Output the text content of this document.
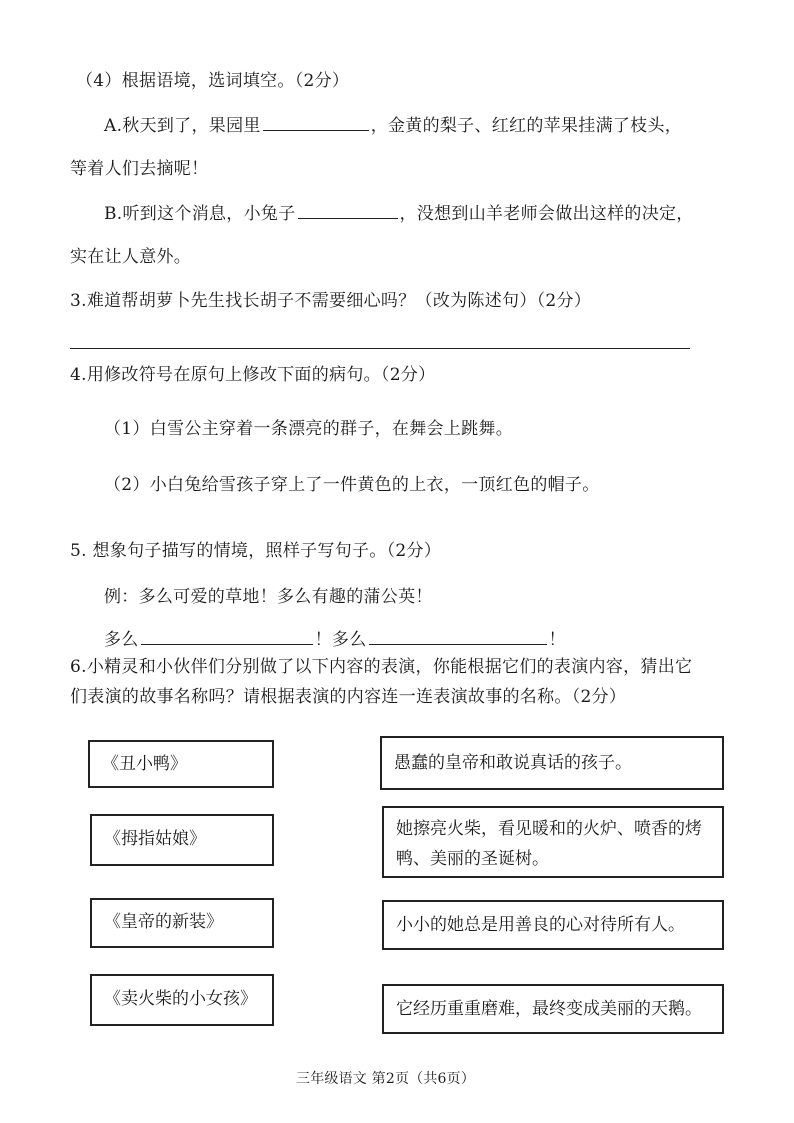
（4）根据语境，选词填空。（2分）
A.秋天到了，果园里	，金黄的梨子、红红的苹果挂满了枝头，
等着人们去摘呢！
B.听到这个消息，小兔子	，没想到山羊老师会做出这样的决定，
实在让人意外。
3.难道帮胡萝卜先生找长胡子不需要细心吗？（改为陈述句）（2分）
4.用修改符号在原句上修改下面的病句。（2分）
（1）白雪公主穿着一条漂亮的群子，在舞会上跳舞。
（2）小白兔给雪孩子穿上了一件黄色的上衣，一顶红色的帽子。
5. 想象句子描写的情境，照样子写句子。（2分）
例：多么可爱的草地！多么有趣的蒲公英！
多么	！多么	！
6.小精灵和小伙伴们分别做了以下内容的表演，你能根据它们的表演内容，猜出它
们表演的故事名称吗？请根据表演的内容连一连表演故事的名称。（2分）
《丑小鸭》
《拇指姑娘》
《皇帝的新装》
《卖火柴的小女孩》
愚蠢的皇帝和敢说真话的孩子。
她擦亮火柴，看见暖和的火炉、喷香的烤
鸭、美丽的圣诞树。
小小的她总是用善良的心对待所有人。
它经历重重磨难，最终变成美丽的天鹅。
三年级语文 第2页（共6页）
